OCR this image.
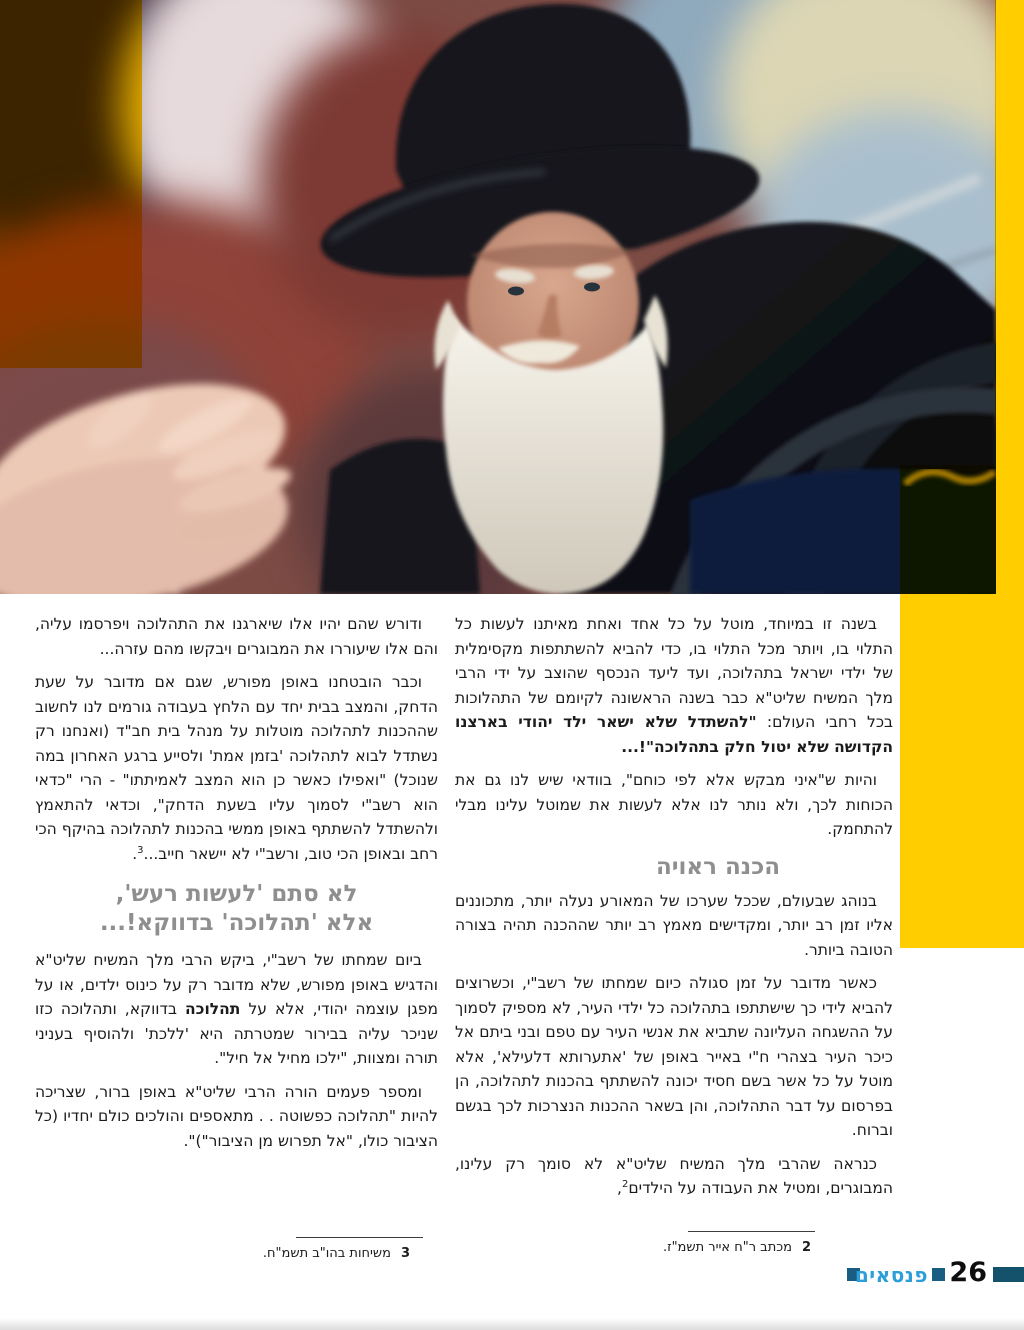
בשנה זו במיוחד, מוטל על כל אחד ואחת מאיתנו לעשות כל התלוי בו, ויותר מכל התלוי בו, כדי להביא להשתתפות מקסימלית של ילדי ישראל בתהלוכה, ועד ליעד הנכסף שהוצב על ידי הרבי מלך המשיח שליט"א כבר בשנה הראשונה לקיומם של התהלוכות בכל רחבי העולם: "להשתדל שלא ישאר ילד יהודי בארצנו הקדושה שלא יטול חלק בתהלוכה"!...

והיות ש"איני מבקש אלא לפי כוחם", בוודאי שיש לנו גם את הכוחות לכך, ולא נותר לנו אלא לעשות את שמוטל עלינו מבלי להתחמק.

הכנה ראויה

בנוהג שבעולם, שככל שערכו של המאורע נעלה יותר, מתכוננים אליו זמן רב יותר, ומקדישים מאמץ רב יותר שההכנה תהיה בצורה הטובה ביותר.

כאשר מדובר על זמן סגולה כיום שמחתו של רשב"י, וכשרוצים להביא לידי כך שישתתפו בתהלוכה כל ילדי העיר, לא מספיק לסמוך על ההשגחה העליונה שתביא את אנשי העיר עם טפם ובני ביתם אל כיכר העיר בצהרי ח"י באייר באופן של 'אתערותא דלעילא', אלא מוטל על כל אשר בשם חסיד יכונה להשתתף בהכנות לתהלוכה, הן בפרסום על דבר התהלוכה, והן בשאר ההכנות הנצרכות לכך בגשם וברוח.

כנראה שהרבי מלך המשיח שליט"א לא סומך רק עלינו, המבוגרים, ומטיל את העבודה על הילדים$^2$,

ודורש שהם יהיו אלו שיארגנו את התהלוכה ויפרסמו עליה, והם אלו שיעוררו את המבוגרים ויבקשו מהם עזרה...

וכבר הובטחנו באופן מפורש, שגם אם מדובר על שעת הדחק, והמצב בבית יחד עם הלחץ בעבודה גורמים לנו לחשוב שההכנות לתהלוכה מוטלות על מנהל בית חב"ד (ואנחנו רק נשתדל לבוא לתהלוכה 'בזמן אמת' ולסייע ברגע האחרון במה שנוכל) "ואפילו כאשר כן הוא המצב לאמיתתו" - הרי "כדאי הוא רשב"י לסמוך עליו בשעת הדחק", וכדאי להתאמץ ולהשתדל להשתתף באופן ממשי בהכנות לתהלוכה בהיקף הכי רחב ובאופן הכי טוב, ורשב"י לא יישאר חייב...$^3$.

לא סתם 'לעשות רעש',
אלא 'תהלוכה' בדווקא!...

ביום שמחתו של רשב"י, ביקש הרבי מלך המשיח שליט"א והדגיש באופן מפורש, שלא מדובר רק על כינוס ילדים, או על מפגן עוצמה יהודי, אלא על תהלוכה בדווקא, ותהלוכה כזו שניכר עליה בבירור שמטרתה היא 'ללכת' ולהוסיף בעניני תורה ומצוות, "ילכו מחיל אל חיל".

ומספר פעמים הורה הרבי שליט"א באופן ברור, שצריכה להיות "תהלוכה כפשוטה . . מתאספים והולכים כולם יחדיו (כל הציבור כולו, "אל תפרוש מן הציבור")".

2מכתב ר"ח אייר תשמ"ז.
3משיחות בהו"ב תשמ"ח.
פנסאים 26
